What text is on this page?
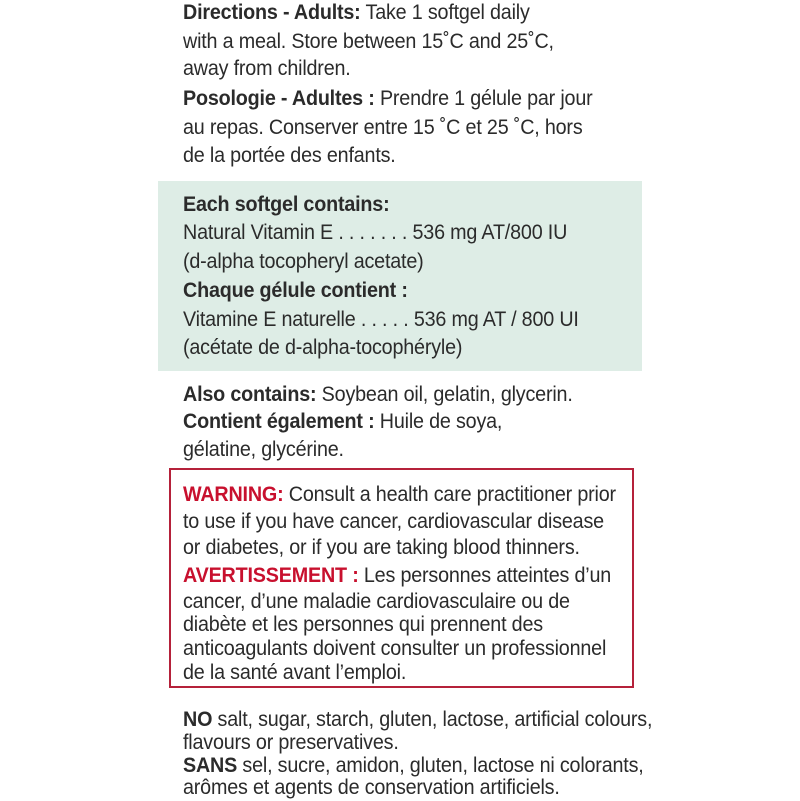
Directions - Adults: Take 1 softgel daily
with a meal. Store between 15˚C and 25˚C,
away from children.
Posologie - Adultes : Prendre 1 gélule par jour
au repas. Conserver entre 15 ˚C et 25 ˚C, hors
de la portée des enfants.
Each softgel contains:
Natural Vitamin E . . . . . . . 536 mg AT/800 IU
(d-alpha tocopheryl acetate)
Chaque gélule contient :
Vitamine E naturelle . . . . . 536 mg AT / 800 UI
(acétate de d-alpha-tocophéryle)
Also contains: Soybean oil, gelatin, glycerin.
Contient également : Huile de soya,
gélatine, glycérine.
WARNING: Consult a health care practitioner prior
to use if you have cancer, cardiovascular disease
or diabetes, or if you are taking blood thinners.
AVERTISSEMENT : Les personnes atteintes d’un
cancer, d’une maladie cardiovasculaire ou de
diabète et les personnes qui prennent des
anticoagulants doivent consulter un professionnel
de la santé avant l’emploi.
NO salt, sugar, starch, gluten, lactose, artificial colours,
flavours or preservatives.
SANS sel, sucre, amidon, gluten, lactose ni colorants,
arômes et agents de conservation artificiels.
